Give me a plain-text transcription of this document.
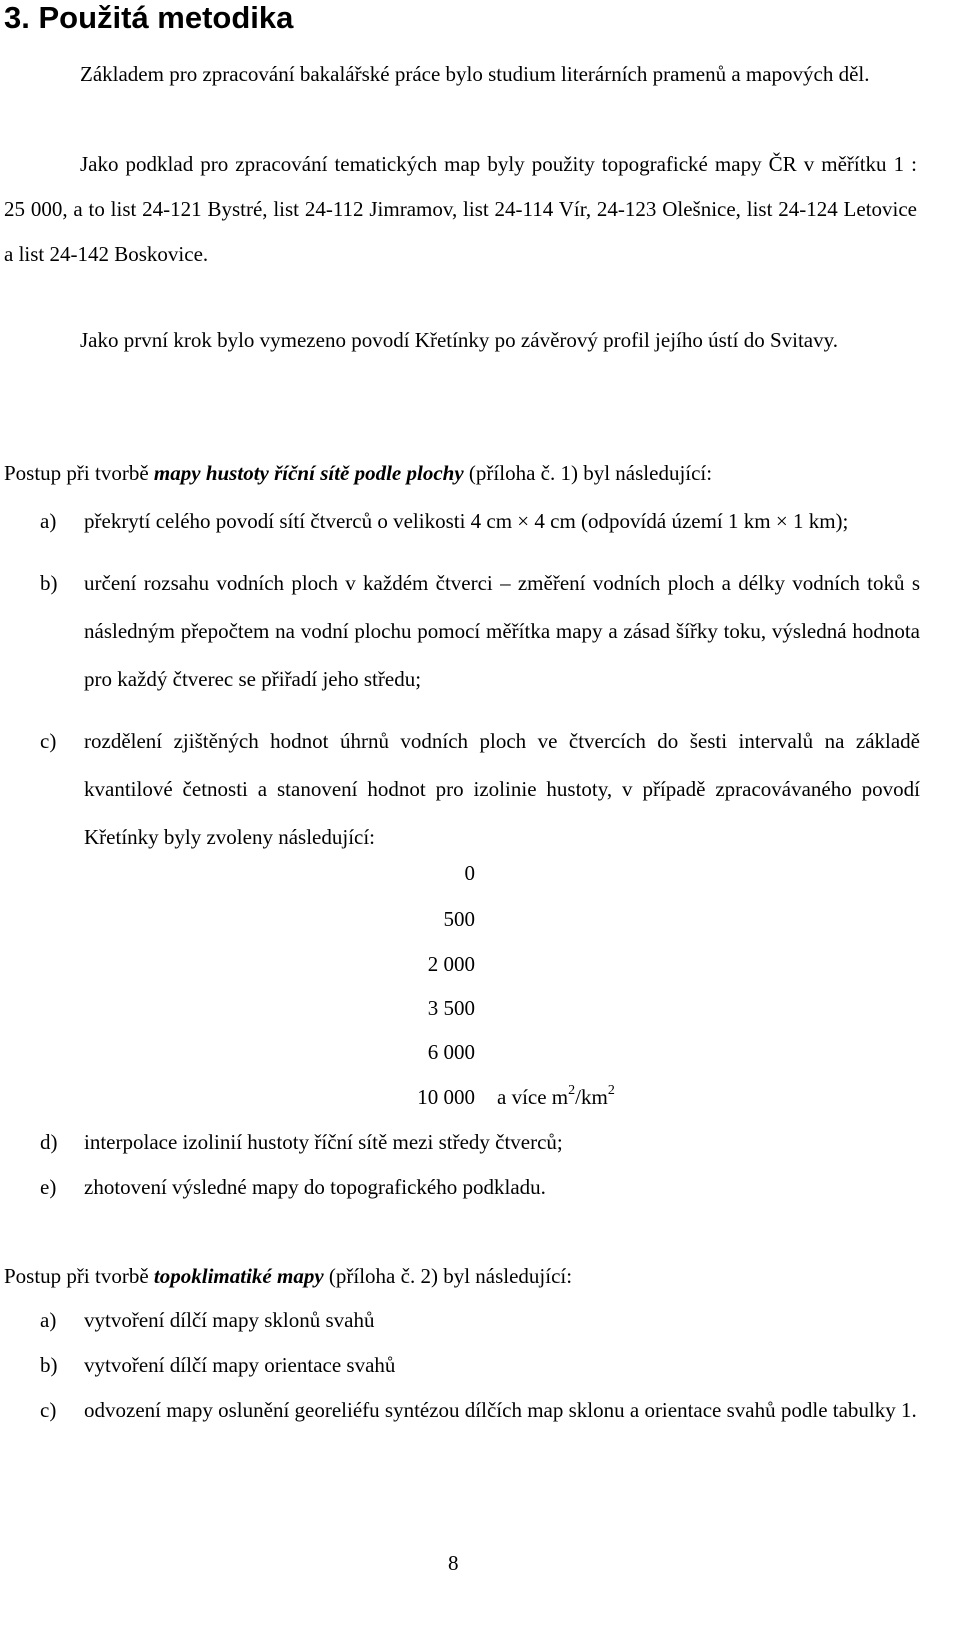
3. Použitá metodika

Základem pro zpracování bakalářské práce bylo studium literárních pramenů a mapových děl.

Jako podklad pro zpracování tematických map byly použity topografické mapy ČR v měřítku 1 : 25 000, a to list 24-121 Bystré, list 24-112 Jimramov, list 24-114 Vír, 24-123 Olešnice, list 24-124 Letovice a list 24-142 Boskovice.

Jako první krok bylo vymezeno povodí Křetínky po závěrový profil jejího ústí do Svitavy.

Postup při tvorbě mapy hustoty říční sítě podle plochy (příloha č. 1) byl následující:

a) překrytí celého povodí sítí čtverců o velikosti 4 cm × 4 cm (odpovídá území 1 km × 1 km);
b) určení rozsahu vodních ploch v každém čtverci – změření vodních ploch a délky vodních toků s následným přepočtem na vodní plochu pomocí měřítka mapy a zásad šířky toku, výsledná hodnota pro každý čtverec se přiřadí jeho středu;
c) rozdělení zjištěných hodnot úhrnů vodních ploch ve čtvercích do šesti intervalů na základě kvantilové četnosti a stanovení hodnot pro izolinie hustoty, v případě zpracovávaného povodí Křetínky byly zvoleny následující:
0
500
2 000
3 500
6 000
10 000 a více $m^2/km^2$
d) interpolace izolinií hustoty říční sítě mezi středy čtverců;
e) zhotovení výsledné mapy do topografického podkladu.

Postup při tvorbě topoklimatiké mapy (příloha č. 2) byl následující:

a) vytvoření dílčí mapy sklonů svahů
b) vytvoření dílčí mapy orientace svahů
c) odvození mapy oslunění georeliéfu syntézou dílčích map sklonu a orientace svahů podle tabulky 1.
8
